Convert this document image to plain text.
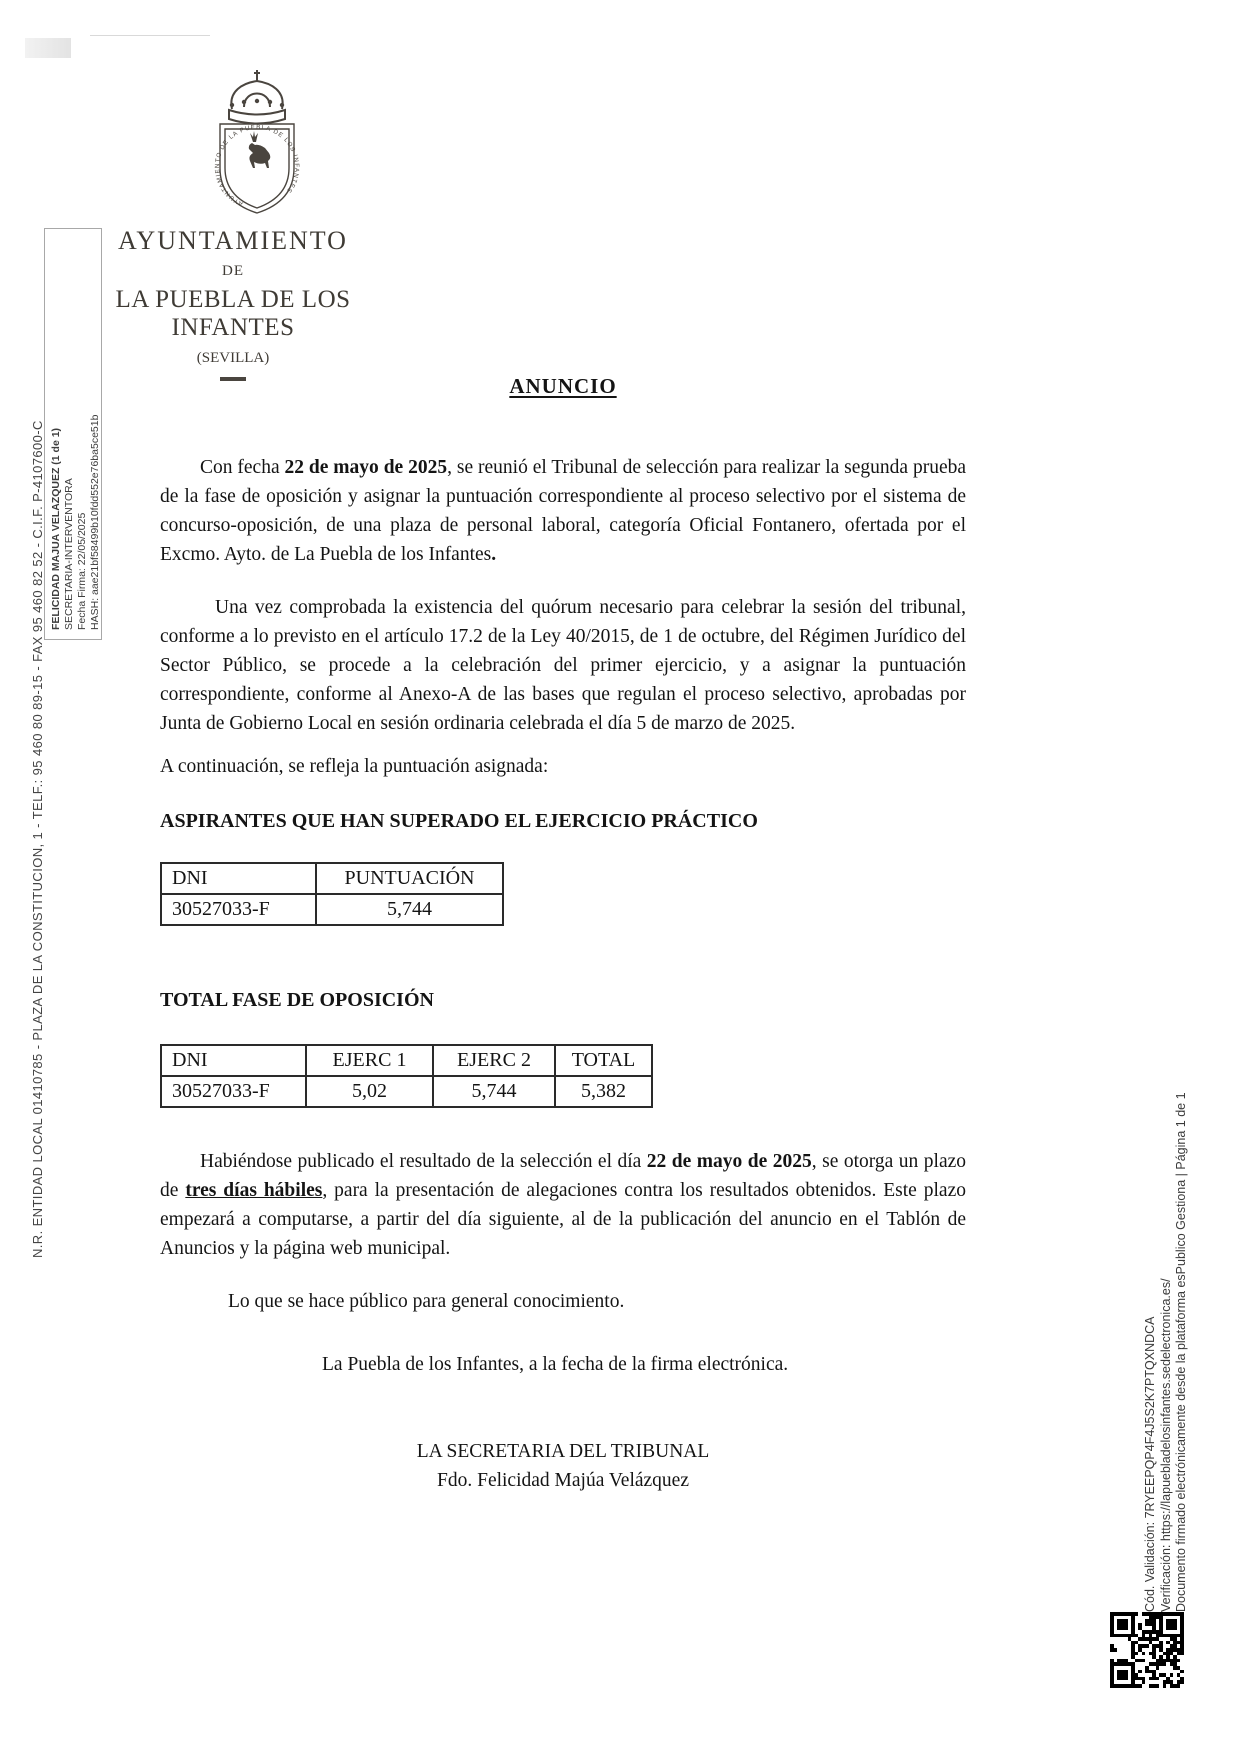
AYUNTAMIENTO DE LA PUEBLA DE LOS INFANTES
AYUNTAMIENTO
DE
LA PUEBLA DE LOS INFANTES
(SEVILLA)
FELICIDAD MAJUA VELAZQUEZ (1 de 1) SECRETARIA-INTERVENTORA Fecha Firma: 22/05/2025 HASH: aae21bf58499b10fdd552e76ba5ce51b
N.R. ENTIDAD LOCAL 01410785 - PLAZA DE LA CONSTITUCION, 1 - TELF.: 95 460 80 89-15 - FAX 95 460 82 52 - C.I.F. P-4107600-C
ANUNCIO

Con fecha 22 de mayo de 2025, se reunió el Tribunal de selección para realizar la segunda prueba de la fase de oposición y asignar la puntuación correspondiente al proceso selectivo por el sistema de concurso-oposición, de una plaza de personal laboral, categoría Oficial Fontanero, ofertada por el Excmo. Ayto. de La Puebla de los Infantes.

Una vez comprobada la existencia del quórum necesario para celebrar la sesión del tribunal, conforme a lo previsto en el artículo 17.2 de la Ley 40/2015, de 1 de octubre, del Régimen Jurídico del Sector Público, se procede a la celebración del primer ejercicio, y a asignar la puntuación correspondiente, conforme al Anexo-A de las bases que regulan el proceso selectivo, aprobadas por Junta de Gobierno Local en sesión ordinaria celebrada el día 5 de marzo de 2025.

A continuación, se refleja la puntuación asignada:

ASPIRANTES QUE HAN SUPERADO EL EJERCICIO PRÁCTICO
DNI	PUNTUACIÓN
30527033-F	5,744
TOTAL FASE DE OPOSICIÓN
DNI	EJERC 1	EJERC 2	TOTAL
30527033-F	5,02	5,744	5,382

Habiéndose publicado el resultado de la selección el día 22 de mayo de 2025, se otorga un plazo de tres días hábiles, para la presentación de alegaciones contra los resultados obtenidos. Este plazo empezará a computarse, a partir del día siguiente, al de la publicación del anuncio en el Tablón de Anuncios y la página web municipal.

Lo que se hace público para general conocimiento.

La Puebla de los Infantes, a la fecha de la firma electrónica.

LA SECRETARIA DEL TRIBUNAL
Fdo. Felicidad Majúa Velázquez	Cód. Validación: 7RYEEPQP4F4J5S2K7PTQXNDCA Verificación: https://lapuebladelosinfantes.sedelectronica.es/ Documento firmado electrónicamente desde la plataforma esPublico Gestiona | Página 1 de 1
